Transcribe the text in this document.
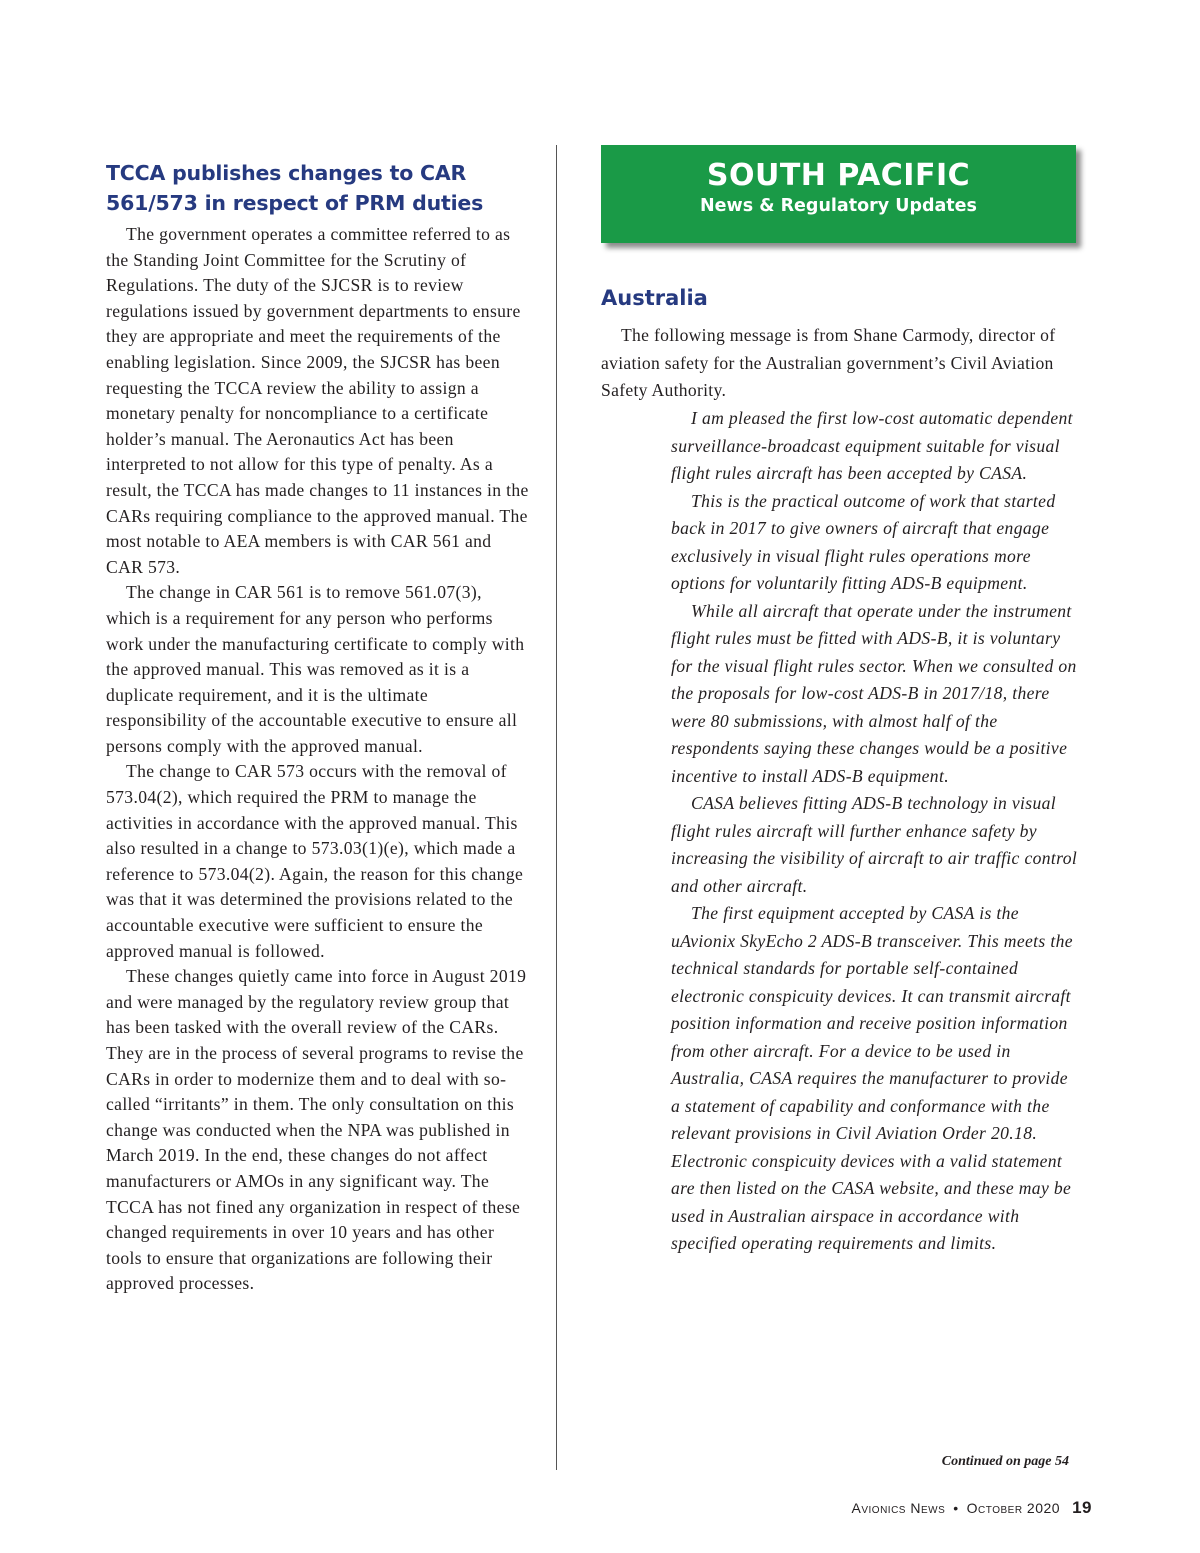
TCCA publishes changes to CAR 561/573 in respect of PRM duties

The government operates a committee referred to as the Standing Joint Committee for the Scrutiny of Regulations. The duty of the SJCSR is to review regulations issued by government departments to ensure they are appropriate and meet the requirements of the enabling legislation. Since 2009, the SJCSR has been requesting the TCCA review the ability to assign a monetary penalty for noncompliance to a certificate holder’s manual. The Aeronautics Act has been interpreted to not allow for this type of penalty. As a result, the TCCA has made changes to 11 instances in the CARs requiring compliance to the approved manual. The most notable to AEA members is with CAR 561 and CAR 573.

The change in CAR 561 is to remove 561.07(3), which is a requirement for any person who performs work under the manufacturing certificate to comply with the approved manual. This was removed as it is a duplicate requirement, and it is the ultimate responsibility of the accountable executive to ensure all persons comply with the approved manual.

The change to CAR 573 occurs with the removal of 573.04(2), which required the PRM to manage the activities in accordance with the approved manual. This also resulted in a change to 573.03(1)(e), which made a reference to 573.04(2). Again, the reason for this change was that it was determined the provisions related to the accountable executive were sufficient to ensure the approved manual is followed.

These changes quietly came into force in August 2019 and were managed by the regulatory review group that has been tasked with the overall review of the CARs. They are in the process of several programs to revise the CARs in order to modernize them and to deal with so-called “irritants” in them. The only consultation on this change was conducted when the NPA was published in March 2019. In the end, these changes do not affect manufacturers or AMOs in any significant way. The TCCA has not fined any organization in respect of these changed requirements in over 10 years and has other tools to ensure that organizations are following their approved processes.

SOUTH PACIFIC
News & Regulatory Updates
Australia

The following message is from Shane Carmody, director of aviation safety for the Australian government’s Civil Aviation Safety Authority.

I am pleased the first low-cost automatic dependent surveillance-broadcast equipment suitable for visual flight rules aircraft has been accepted by CASA.

This is the practical outcome of work that started back in 2017 to give owners of aircraft that engage exclusively in visual flight rules operations more options for voluntarily fitting ADS-B equipment.

While all aircraft that operate under the instrument flight rules must be fitted with ADS-B, it is voluntary for the visual flight rules sector. When we consulted on the proposals for low-cost ADS-B in 2017/18, there were 80 submissions, with almost half of the respondents saying these changes would be a positive incentive to install ADS-B equipment.

CASA believes fitting ADS-B technology in visual flight rules aircraft will further enhance safety by increasing the visibility of aircraft to air traffic control and other aircraft.

The first equipment accepted by CASA is the uAvionix SkyEcho 2 ADS-B transceiver. This meets the technical standards for portable self-contained electronic conspicuity devices. It can transmit aircraft position information and receive position information from other aircraft. For a device to be used in Australia, CASA requires the manufacturer to provide a statement of capability and conformance with the relevant provisions in Civil Aviation Order 20.18. Electronic conspicuity devices with a valid statement are then listed on the CASA website, and these may be used in Australian airspace in accordance with specified operating requirements and limits.

Continued on page 54
Avionics News • October 2020 19
